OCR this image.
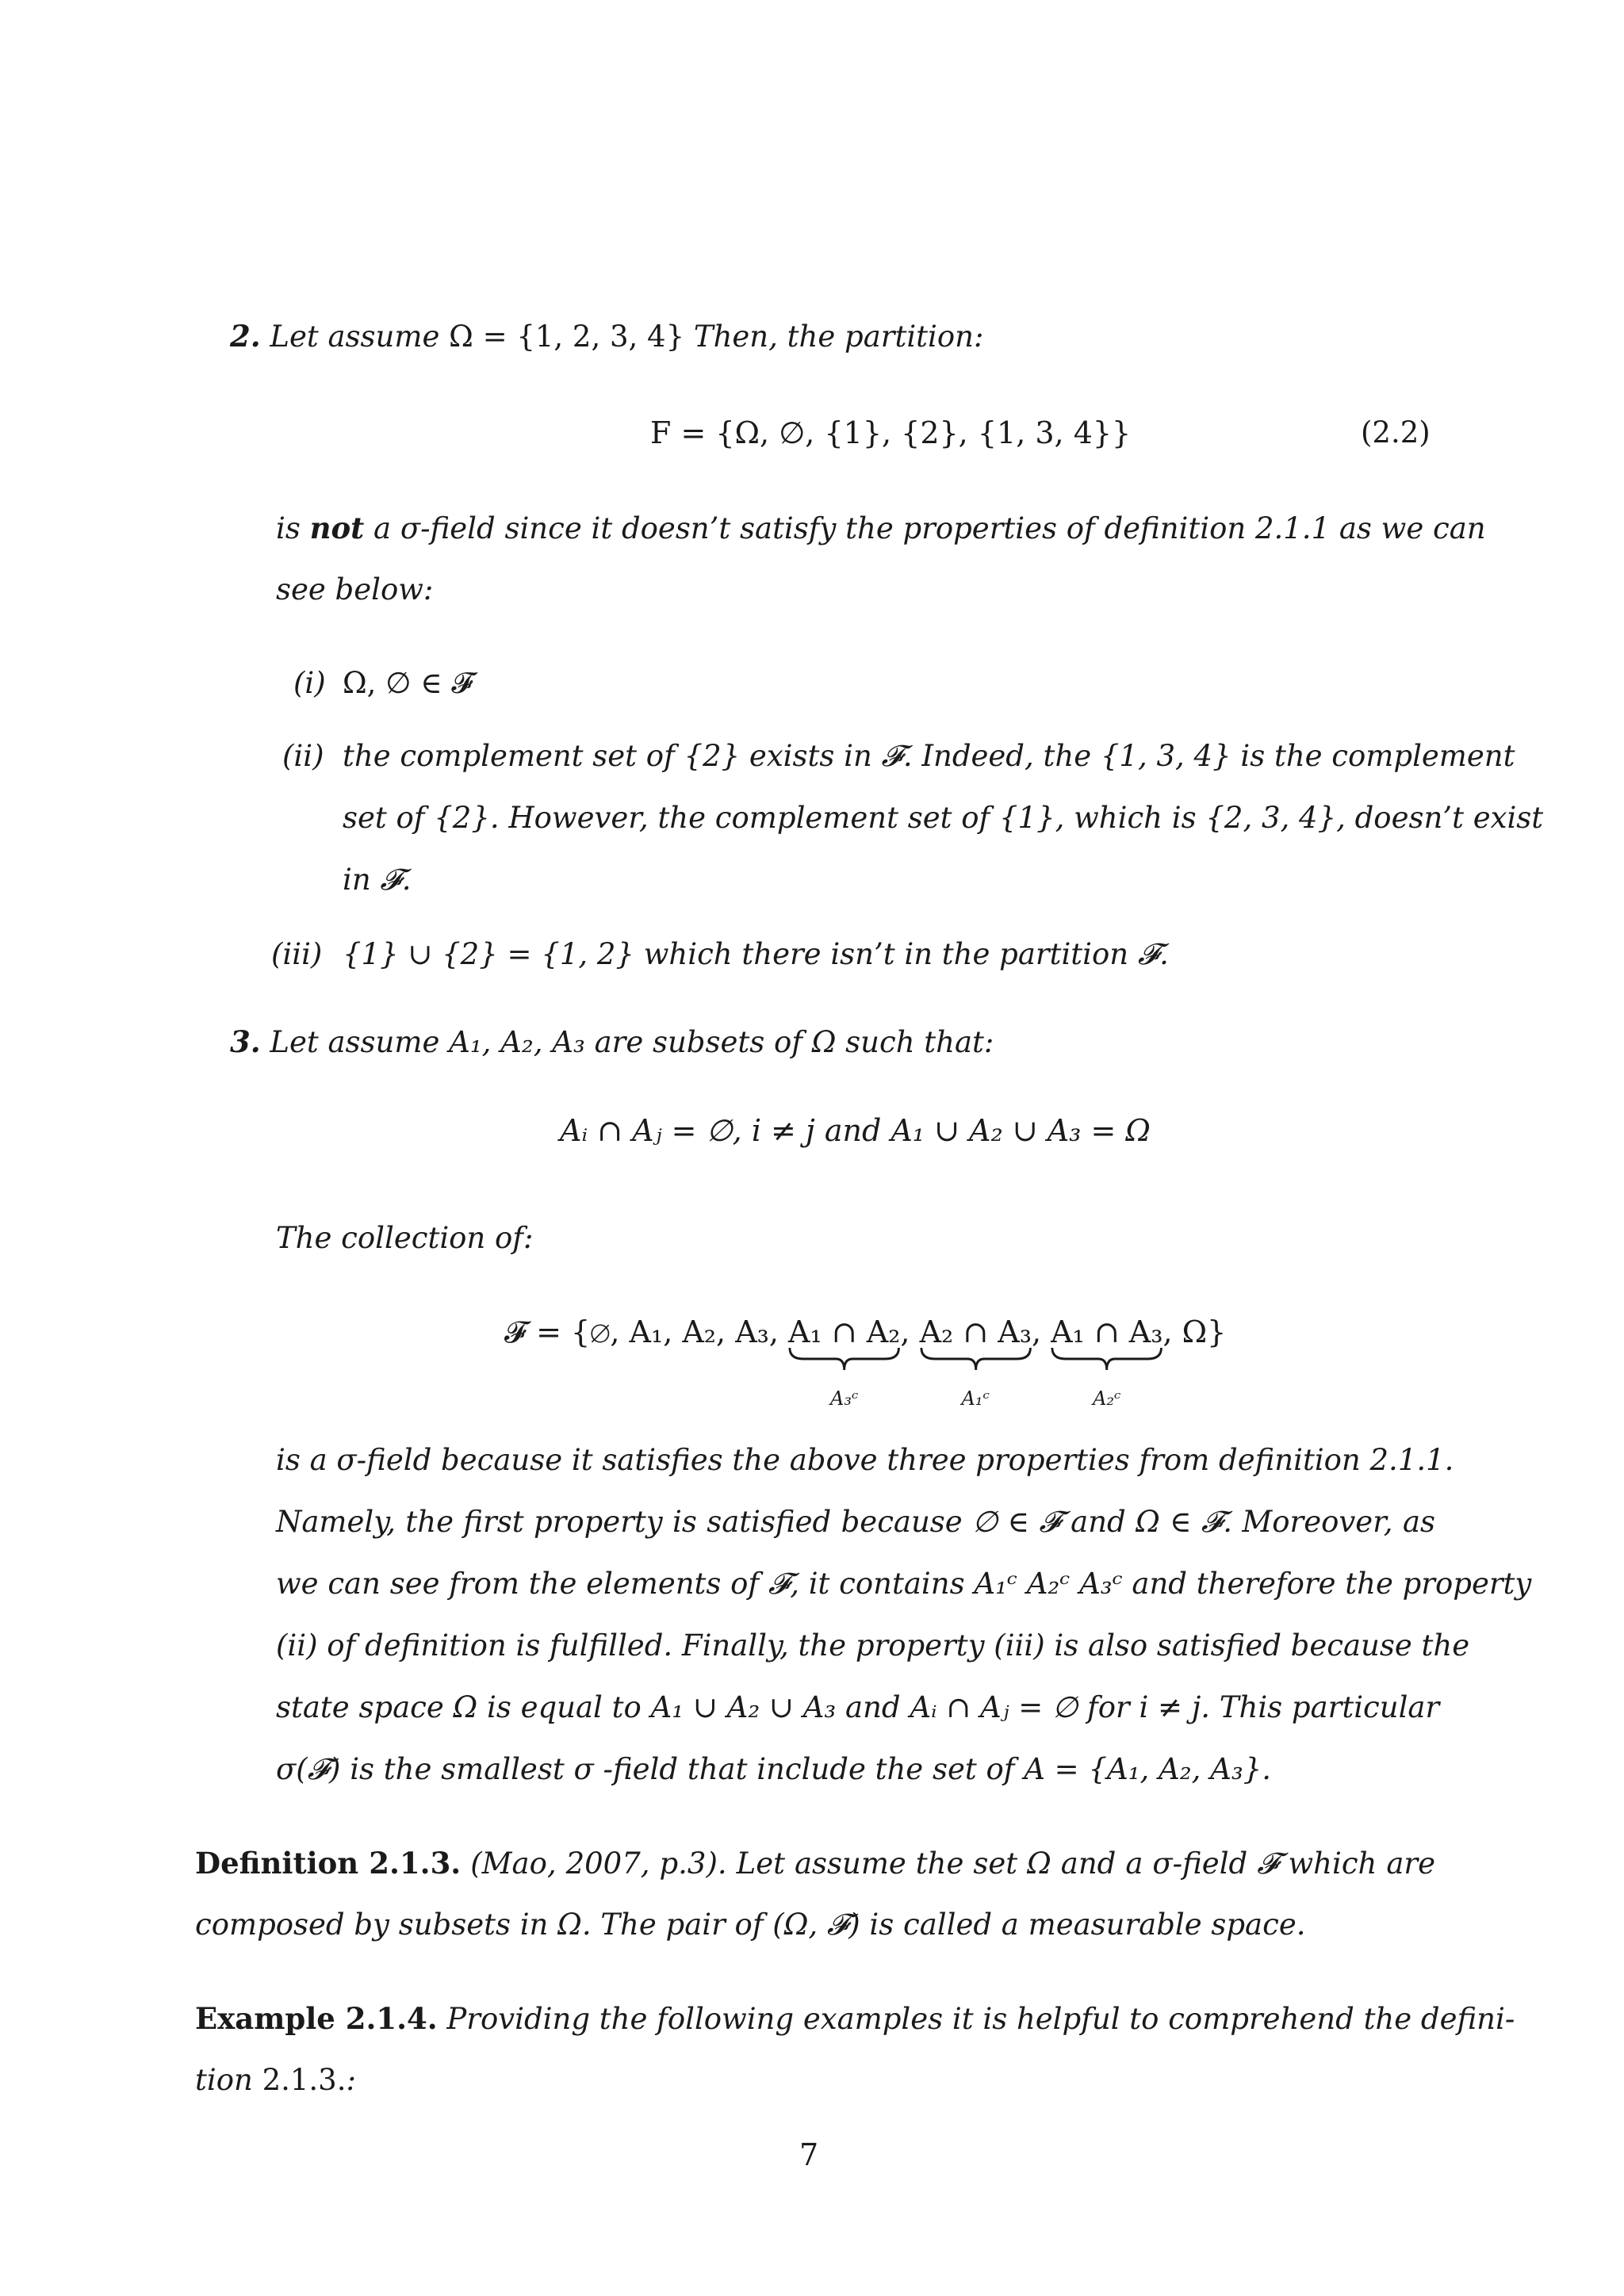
2. Let assume Ω = {1, 2, 3, 4} Then, the partition:
F = {Ω, ∅, {1}, {2}, {1, 3, 4}}	(2.2)
is not a σ-field since it doesn’t satisfy the properties of definition 2.1.1 as we can
see below:
(i) Ω, ∅ ∈ 𝓕
(ii) the complement set of {2} exists in 𝓕. Indeed, the {1, 3, 4} is the complement
set of {2}. However, the complement set of {1}, which is {2, 3, 4}, doesn’t exist
in 𝓕.
(iii) {1} ∪ {2} = {1, 2} which there isn’t in the partition 𝓕.
3. Let assume A₁, A₂, A₃ are subsets of Ω such that:
Aᵢ ∩ Aⱼ = ∅, i ≠ j and A₁ ∪ A₂ ∪ A₃ = Ω
The collection of:
𝓕 = {∅, A₁, A₂, A₃, A₁ ∩ A₂
A₃ᶜ
, A₂ ∩ A₃
A₁ᶜ
, A₁ ∩ A₃
A₂ᶜ
, Ω}
is a σ-field because it satisfies the above three properties from definition 2.1.1.
Namely, the first property is satisfied because ∅ ∈ 𝓕 and Ω ∈ 𝓕. Moreover, as
we can see from the elements of 𝓕, it contains A₁ᶜ A₂ᶜ A₃ᶜ and therefore the property
(ii) of definition is fulfilled. Finally, the property (iii) is also satisfied because the
state space Ω is equal to A₁ ∪ A₂ ∪ A₃ and Aᵢ ∩ Aⱼ = ∅ for i ≠ j. This particular
σ(𝓕) is the smallest σ -field that include the set of A = {A₁, A₂, A₃}.
Definition 2.1.3. (Mao, 2007, p.3). Let assume the set Ω and a σ-field 𝓕 which are
composed by subsets in Ω. The pair of (Ω, 𝓕) is called a measurable space.
Example 2.1.4. Providing the following examples it is helpful to comprehend the defini-
tion 2.1.3.:
7
